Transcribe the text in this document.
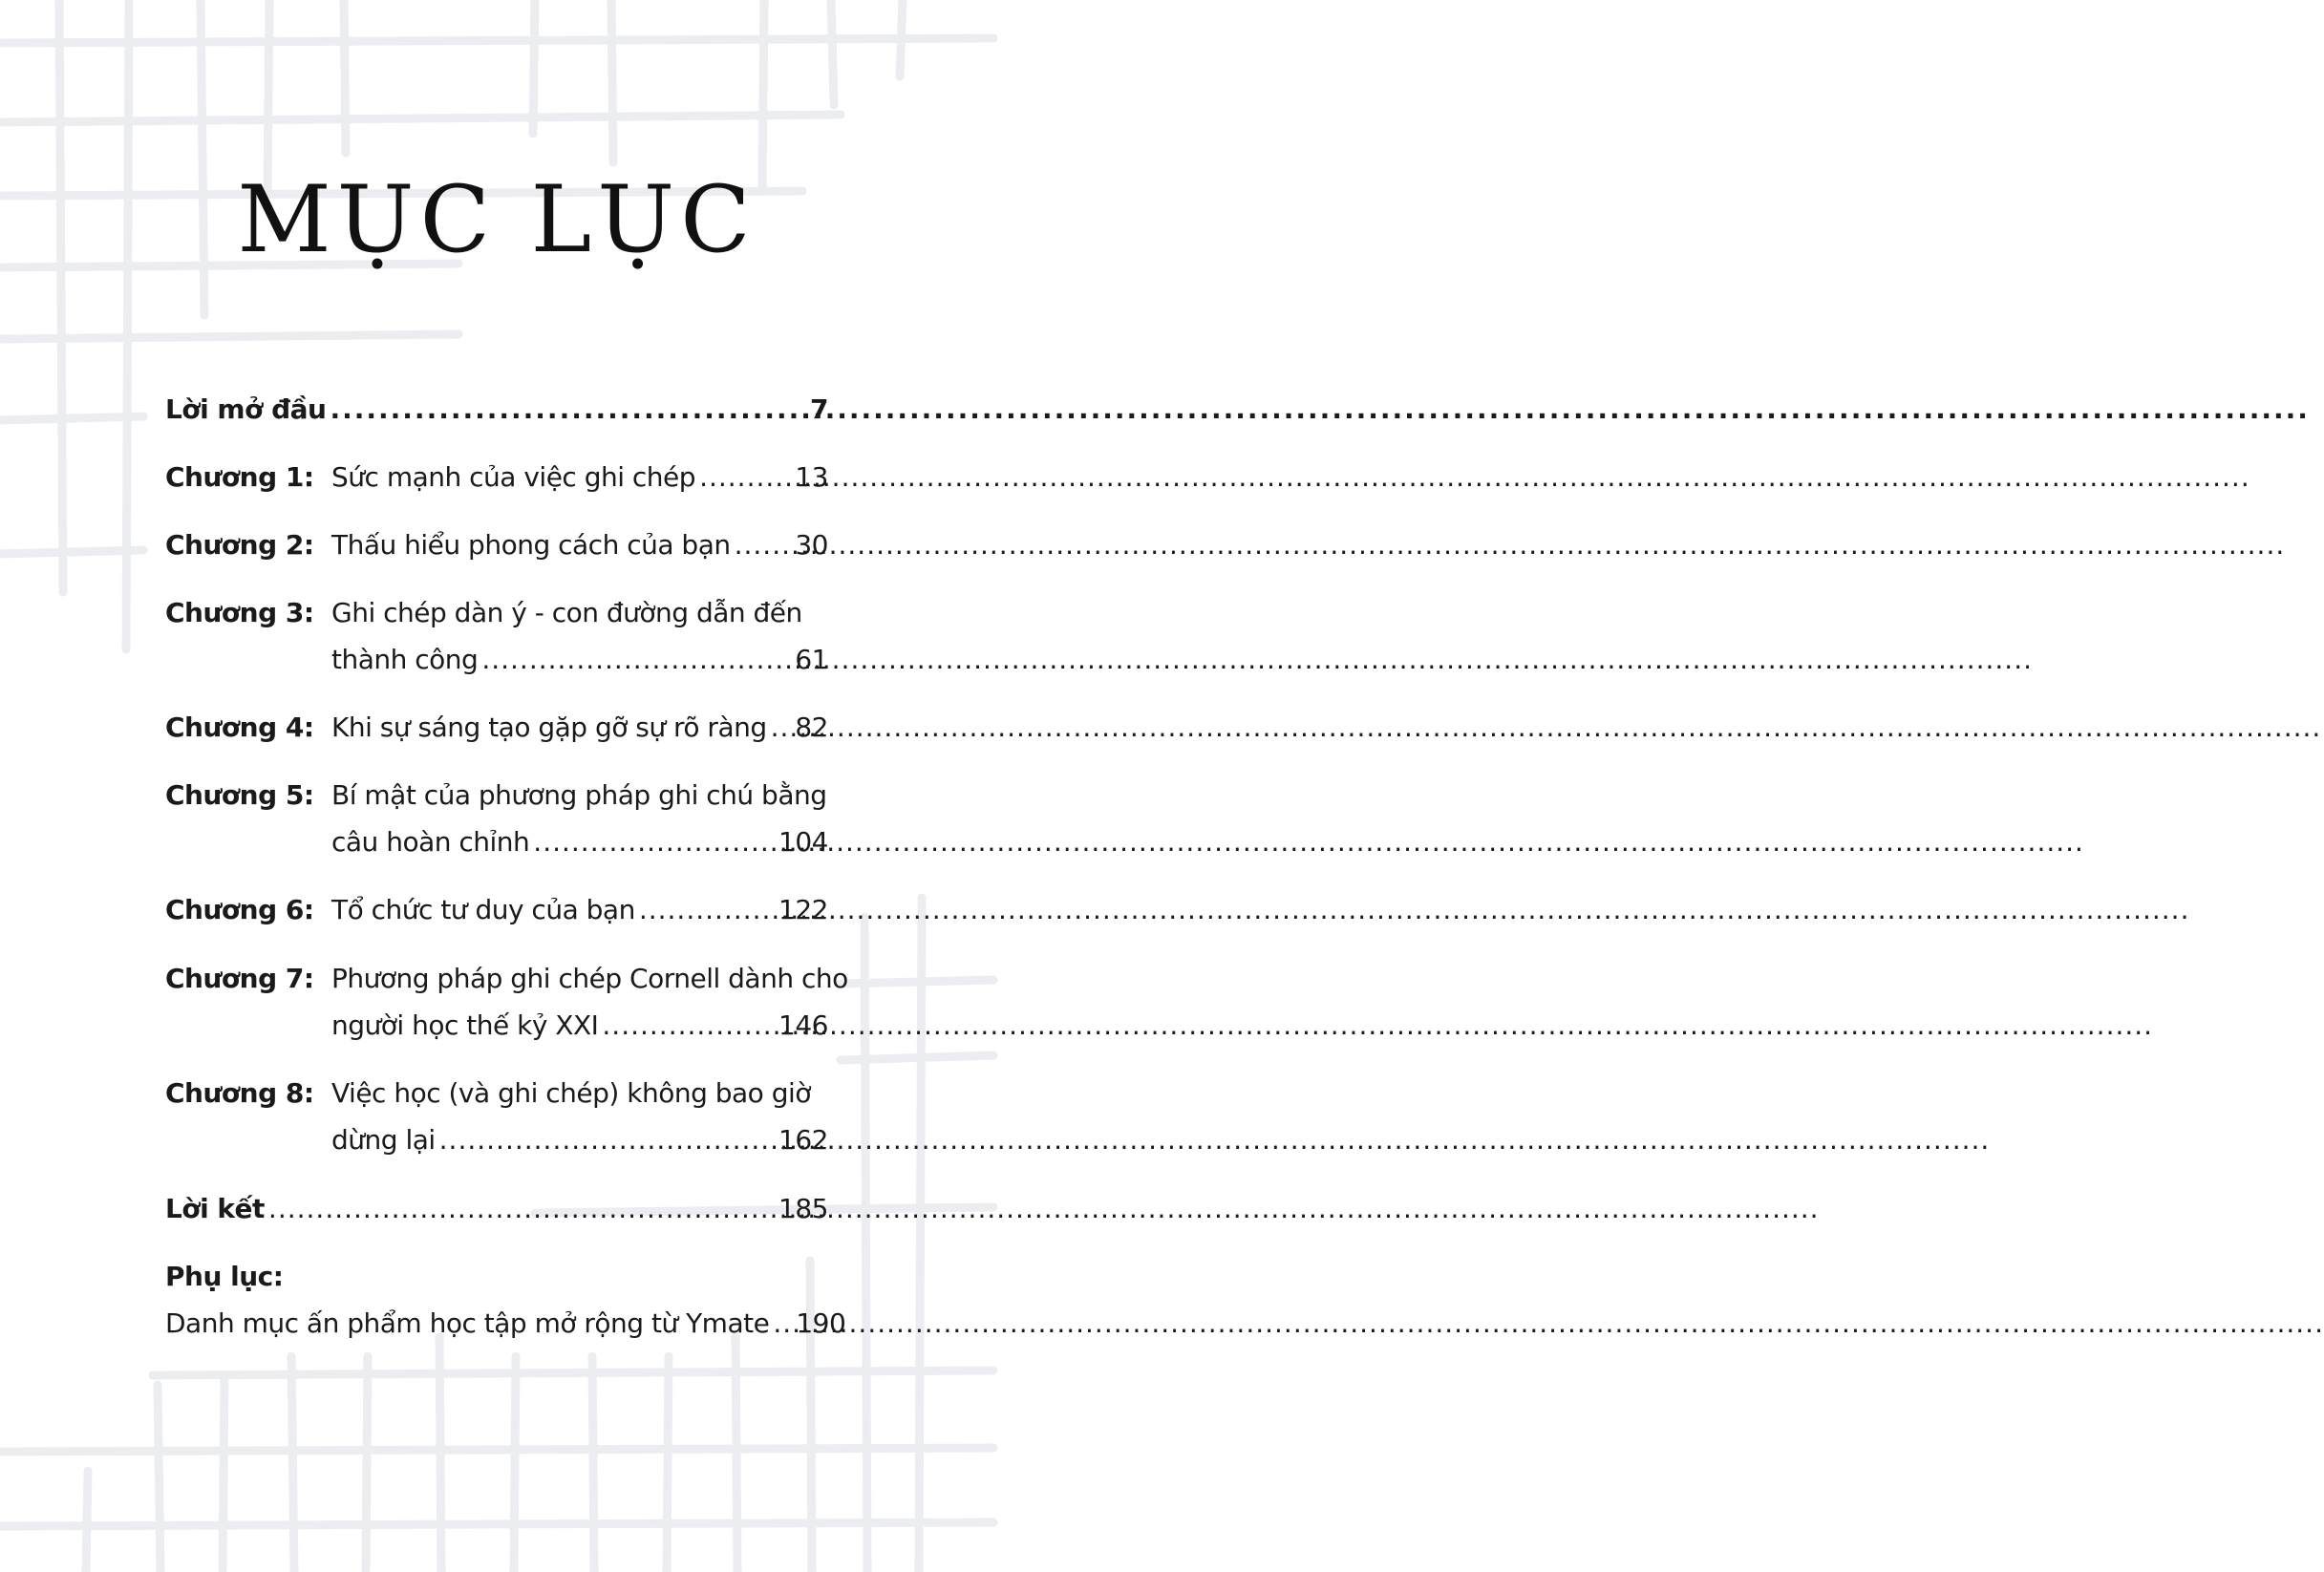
MỤC LỤC
Lời mở đầu .....	7
Chương 1: Sức mạnh của việc ghi chép .....	13
Chương 2: Thấu hiểu phong cách của bạn ..... 30
Chương 3: Ghi chép dàn ý - con đường dẫn đến
thành công .....	61
Chương 4: Khi sự sáng tạo gặp gỡ sự rõ ràng ..... 82
Chương 5: Bí mật của phương pháp ghi chú bằng
câu hoàn chỉnh .....	104
Chương 6: Tổ chức tư duy của bạn .....	122
Chương 7: Phương pháp ghi chép Cornell dành cho
người học thế kỷ XXI .....	146
Chương 8: Việc học (và ghi chép) không bao giờ
dừng lại .....	162
Lời kết .....	185
Phụ lục:
Danh mục ấn phẩm học tập mở rộng từ Ymate ..... 190
